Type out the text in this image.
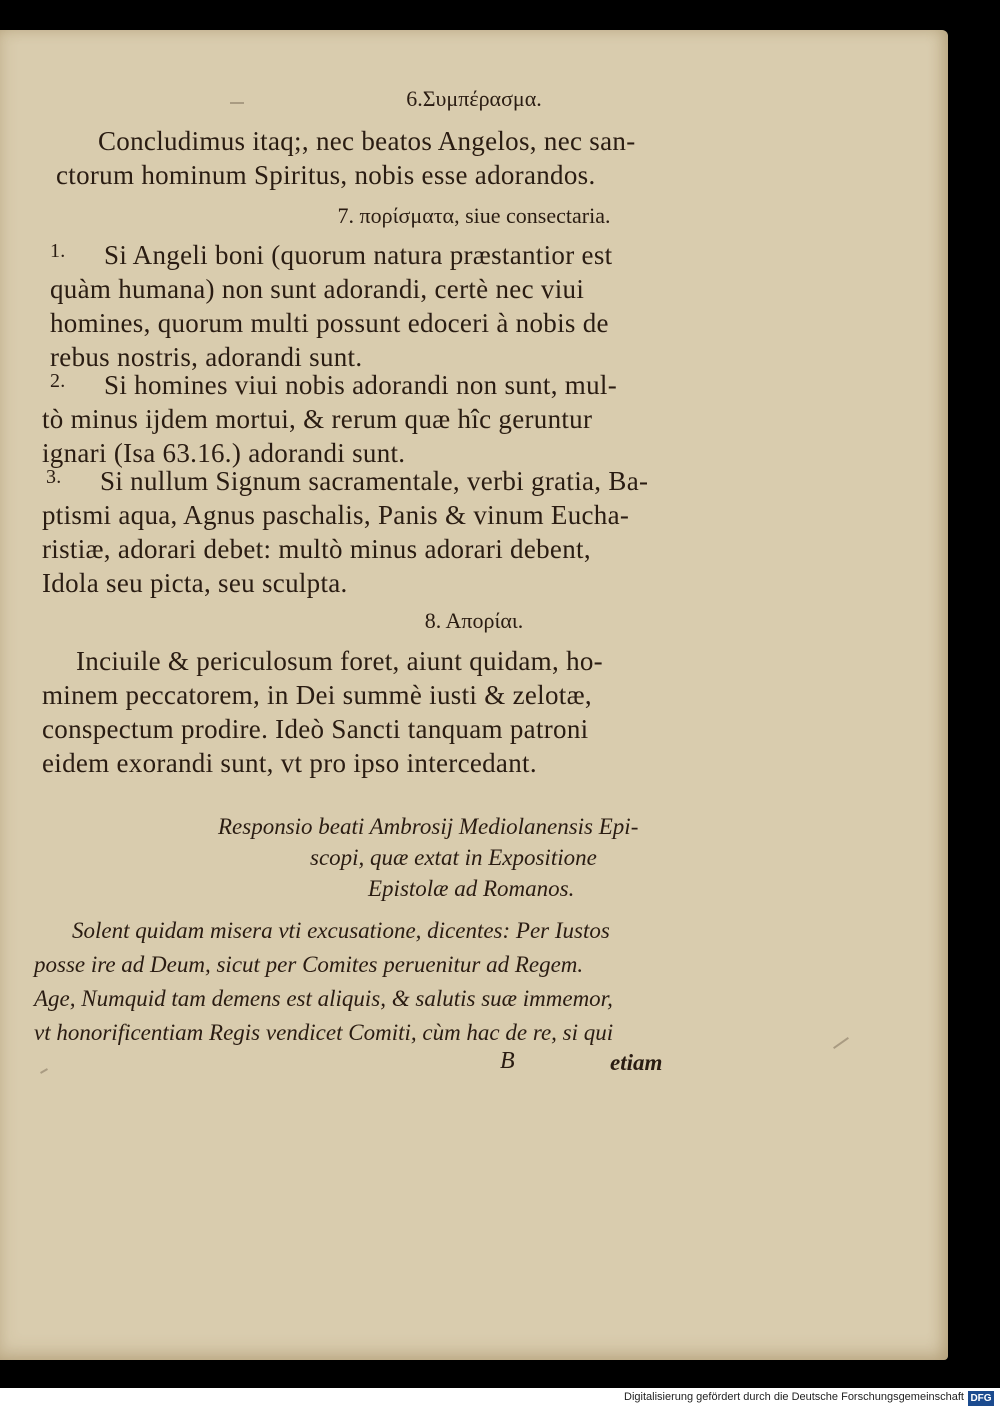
6.Συμπέρασμα.
Concludimus itaq;, nec beatos Angelos, nec san-
ctorum hominum Spiritus, nobis esse adorandos.
7. πορίσματα, siue consectaria.
1. Si Angeli boni (quorum natura præstantior est
quàm humana) non sunt adorandi, certè nec viui
homines, quorum multi possunt edoceri à nobis de
rebus nostris, adorandi sunt.
2. Si homines viui nobis adorandi non sunt, mul-
tò minus ijdem mortui, & rerum quæ hîc geruntur
ignari (Isa 63.16.) adorandi sunt.
3. Si nullum Signum sacramentale, verbi gratia, Ba-
ptismi aqua, Agnus paschalis, Panis & vinum Eucha-
ristiæ, adorari debet: multò minus adorari debent,
Idola seu picta, seu sculpta.
8. Απορίαι.
Inciuile & periculosum foret, aiunt quidam, ho-
minem peccatorem, in Dei summè iusti & zelotæ,
conspectum prodire. Ideò Sancti tanquam patroni
eidem exorandi sunt, vt pro ipso intercedant.
Responsio beati Ambrosij Mediolanensis Epi-
scopi, quæ extat in Expositione
Epistolæ ad Romanos.
Solent quidam misera vti excusatione, dicentes: Per Iustos
posse ire ad Deum, sicut per Comites peruenitur ad Regem.
Age, Numquid tam demens est aliquis, & salutis suæ immemor,
vt honorificentiam Regis vendicet Comiti, cùm hac de re, si qui
B	etiam
Digitalisierung gefördert durch die Deutsche Forschungsgemeinschaft DFG
